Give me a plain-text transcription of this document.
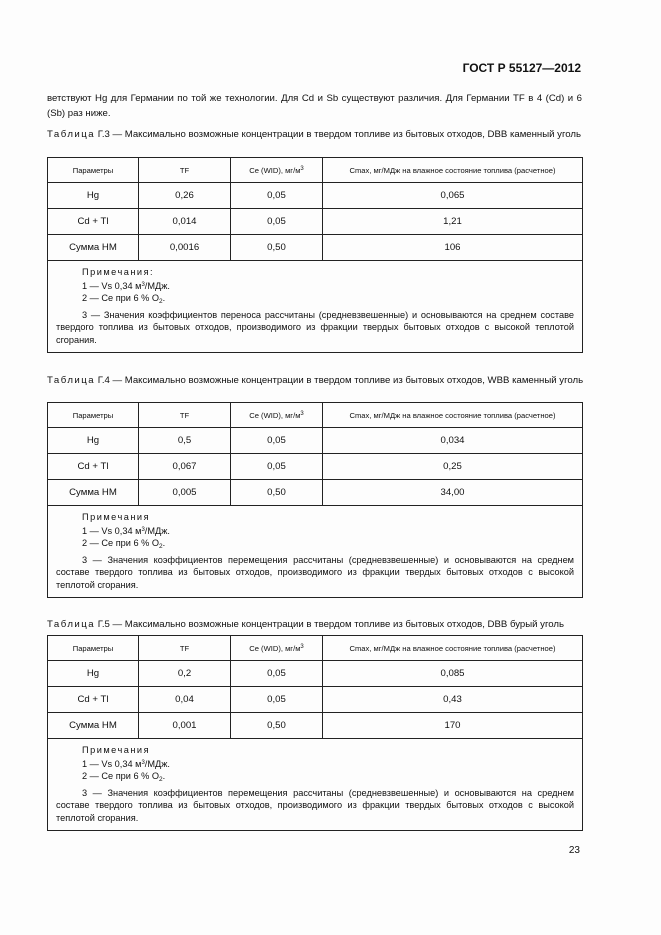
ГОСТ Р 55127—2012
ветствуют Hg для Германии по той же технологии. Для Cd и Sb существуют различия. Для Германии TF в 4 (Cd) и 6 (Sb) раз ниже.
Таблица Г.3 — Максимально возможные концентрации в твердом топливе из бытовых отходов, DBB каменный уголь
Параметры	TF	Ce (WID), $мг/м^3$	Cmax, мг/МДж на влажное состояние топлива (расчетное)
Hg	0,26	0,05	0,065
Cd + Tl	0,014	0,05	1,21
Сумма HM	0,0016	0,50	106

Примечания:
1 — Vs 0,34 $м^3$/МДж.
2 — Ce при 6 % $O_2$.
3 — Значения коэффициентов переноса рассчитаны (средневзвешенные) и основываются на среднем составе твердого топлива из бытовых отходов, производимого из фракции твердых бытовых отходов с высокой теплотой сгорания.			
Таблица Г.4 — Максимально возможные концентрации в твердом топливе из бытовых отходов, WBB каменный уголь
Параметры	TF	Ce (WID), $мг/м^3$	Cmax, мг/МДж на влажное состояние топлива (расчетное)
Hg	0,5	0,05	0,034
Cd + Tl	0,067	0,05	0,25
Сумма HM	0,005	0,50	34,00

Примечания
1 — Vs 0,34 $м^3$/МДж.
2 — Ce при 6 % $O_2$.
3 — Значения коэффициентов перемещения рассчитаны (средневзвешенные) и основываются на среднем составе твердого топлива из бытовых отходов, производимого из фракции твердых бытовых отходов с высокой теплотой сгорания.			
Таблица Г.5 — Максимально возможные концентрации в твердом топливе из бытовых отходов, DBB бурый уголь
Параметры	TF	Ce (WID), $мг/м^3$	Cmax, мг/МДж на влажное состояние топлива (расчетное)
Hg	0,2	0,05	0,085
Cd + Tl	0,04	0,05	0,43
Сумма HM	0,001	0,50	170

Примечания
1 — Vs 0,34 $м^3$/МДж.
2 — Ce при 6 % $O_2$.
3 — Значения коэффициентов перемещения рассчитаны (средневзвешенные) и основываются на среднем составе твердого топлива из бытовых отходов, производимого из фракции твердых бытовых отходов с высокой теплотой сгорания.			
23
